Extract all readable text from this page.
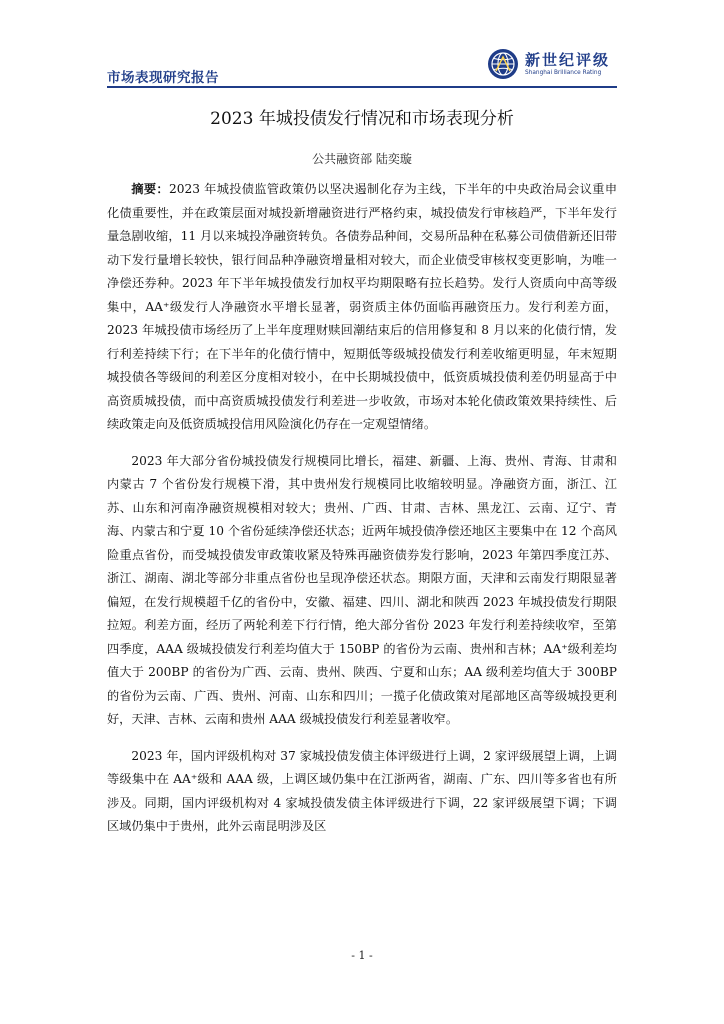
市场表现研究报告
新世纪评级
Shanghai Brilliance Rating
2023 年城投债发行情况和市场表现分析
公共融资部 陆奕璇

摘要：2023 年城投债监管政策仍以坚决遏制化存为主线，下半年的中央政治局会议重申化债重要性，并在政策层面对城投新增融资进行严格约束，城投债发行审核趋严，下半年发行量急剧收缩，11 月以来城投净融资转负。各债券品种间，交易所品种在私募公司债借新还旧带动下发行量增长较快，银行间品种净融资增量相对较大，而企业债受审核权变更影响，为唯一净偿还券种。2023 年下半年城投债发行加权平均期限略有拉长趋势。发行人资质向中高等级集中，AA⁺级发行人净融资水平增长显著，弱资质主体仍面临再融资压力。发行利差方面，2023 年城投债市场经历了上半年度理财赎回潮结束后的信用修复和 8 月以来的化债行情，发行利差持续下行；在下半年的化债行情中，短期低等级城投债发行利差收缩更明显，年末短期城投债各等级间的利差区分度相对较小，在中长期城投债中，低资质城投债利差仍明显高于中高资质城投债，而中高资质城投债发行利差进一步收敛，市场对本轮化债政策效果持续性、后续政策走向及低资质城投信用风险演化仍存在一定观望情绪。

2023 年大部分省份城投债发行规模同比增长，福建、新疆、上海、贵州、青海、甘肃和内蒙古 7 个省份发行规模下滑，其中贵州发行规模同比收缩较明显。净融资方面，浙江、江苏、山东和河南净融资规模相对较大；贵州、广西、甘肃、吉林、黑龙江、云南、辽宁、青海、内蒙古和宁夏 10 个省份延续净偿还状态；近两年城投债净偿还地区主要集中在 12 个高风险重点省份，而受城投债发审政策收紧及特殊再融资债券发行影响，2023 年第四季度江苏、浙江、湖南、湖北等部分非重点省份也呈现净偿还状态。期限方面，天津和云南发行期限显著偏短，在发行规模超千亿的省份中，安徽、福建、四川、湖北和陕西 2023 年城投债发行期限拉短。利差方面，经历了两轮利差下行行情，绝大部分省份 2023 年发行利差持续收窄，至第四季度，AAA 级城投债发行利差均值大于 150BP 的省份为云南、贵州和吉林；AA⁺级利差均值大于 200BP 的省份为广西、云南、贵州、陕西、宁夏和山东；AA 级利差均值大于 300BP 的省份为云南、广西、贵州、河南、山东和四川；一揽子化债政策对尾部地区高等级城投更利好，天津、吉林、云南和贵州 AAA 级城投债发行利差显著收窄。

2023 年，国内评级机构对 37 家城投债发债主体评级进行上调，2 家评级展望上调，上调等级集中在 AA⁺级和 AAA 级，上调区域仍集中在江浙两省，湖南、广东、四川等多省也有所涉及。同期，国内评级机构对 4 家城投债发债主体评级进行下调，22 家评级展望下调；下调区域仍集中于贵州，此外云南昆明涉及区

- 1 -
